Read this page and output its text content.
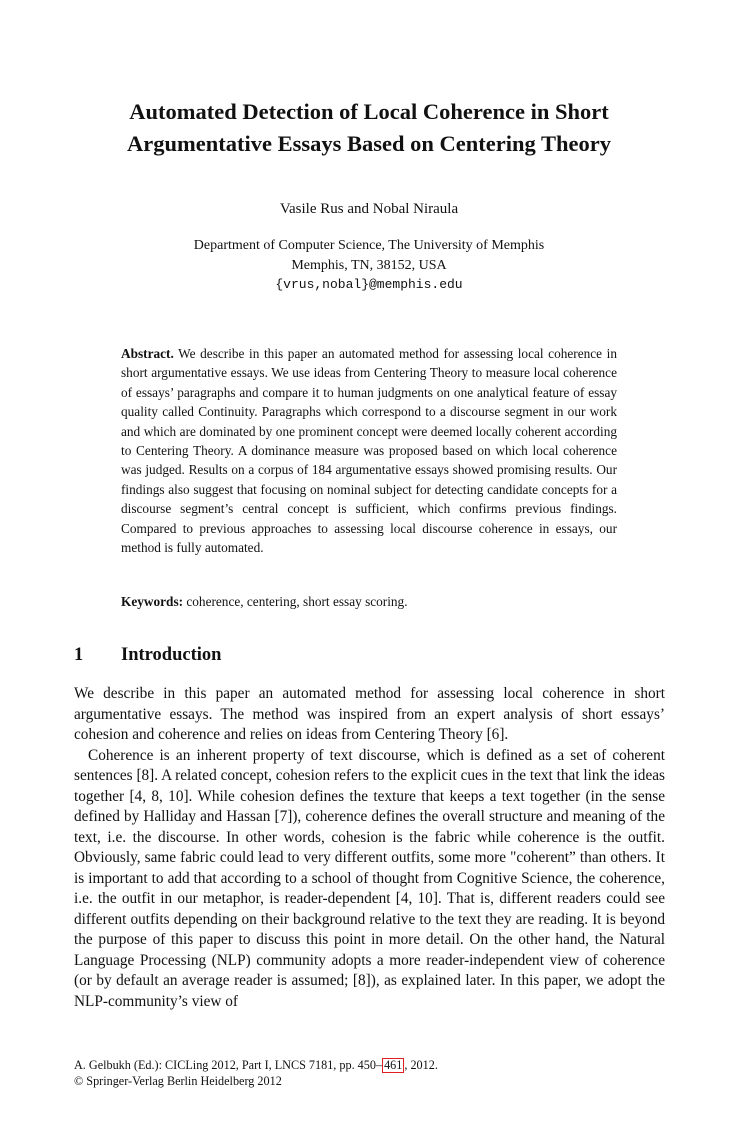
Automated Detection of Local Coherence in Short
Argumentative Essays Based on Centering Theory
Vasile Rus and Nobal Niraula
Department of Computer Science, The University of Memphis
Memphis, TN, 38152, USA
{vrus,nobal}@memphis.edu
Abstract. We describe in this paper an automated method for assessing local coherence in short argumentative essays. We use ideas from Centering Theory to measure local coherence of essays’ paragraphs and compare it to human judgments on one analytical feature of essay quality called Continuity. Paragraphs which correspond to a discourse segment in our work and which are dominated by one prominent concept were deemed locally coherent according to Centering Theory. A dominance measure was proposed based on which local coherence was judged. Results on a corpus of 184 argumentative essays showed promising results. Our findings also suggest that focusing on nominal subject for detecting candidate concepts for a discourse segment’s central concept is sufficient, which confirms previous findings. Compared to previous approaches to assessing local discourse coherence in essays, our method is fully automated.
Keywords: coherence, centering, short essay scoring.
1 Introduction

We describe in this paper an automated method for assessing local coherence in short argumentative essays. The method was inspired from an expert analysis of short essays’ cohesion and coherence and relies on ideas from Centering Theory [6].

Coherence is an inherent property of text discourse, which is defined as a set of coherent sentences [8]. A related concept, cohesion refers to the explicit cues in the text that link the ideas together [4, 8, 10]. While cohesion defines the texture that keeps a text together (in the sense defined by Halliday and Hassan [7]), coherence defines the overall structure and meaning of the text, i.e. the discourse. In other words, cohesion is the fabric while coherence is the outfit. Obviously, same fabric could lead to very different outfits, some more "coherent” than others. It is important to add that according to a school of thought from Cognitive Science, the coherence, i.e. the outfit in our metaphor, is reader-dependent [4, 10]. That is, different readers could see different outfits depending on their background relative to the text they are reading. It is beyond the purpose of this paper to discuss this point in more detail. On the other hand, the Natural Language Processing (NLP) community adopts a more reader-independent view of coherence (or by default an average reader is assumed; [8]), as explained later. In this paper, we adopt the NLP-community’s view of

A. Gelbukh (Ed.): CICLing 2012, Part I, LNCS 7181, pp. 450– 461 , 2012.
© Springer-Verlag Berlin Heidelberg 2012
